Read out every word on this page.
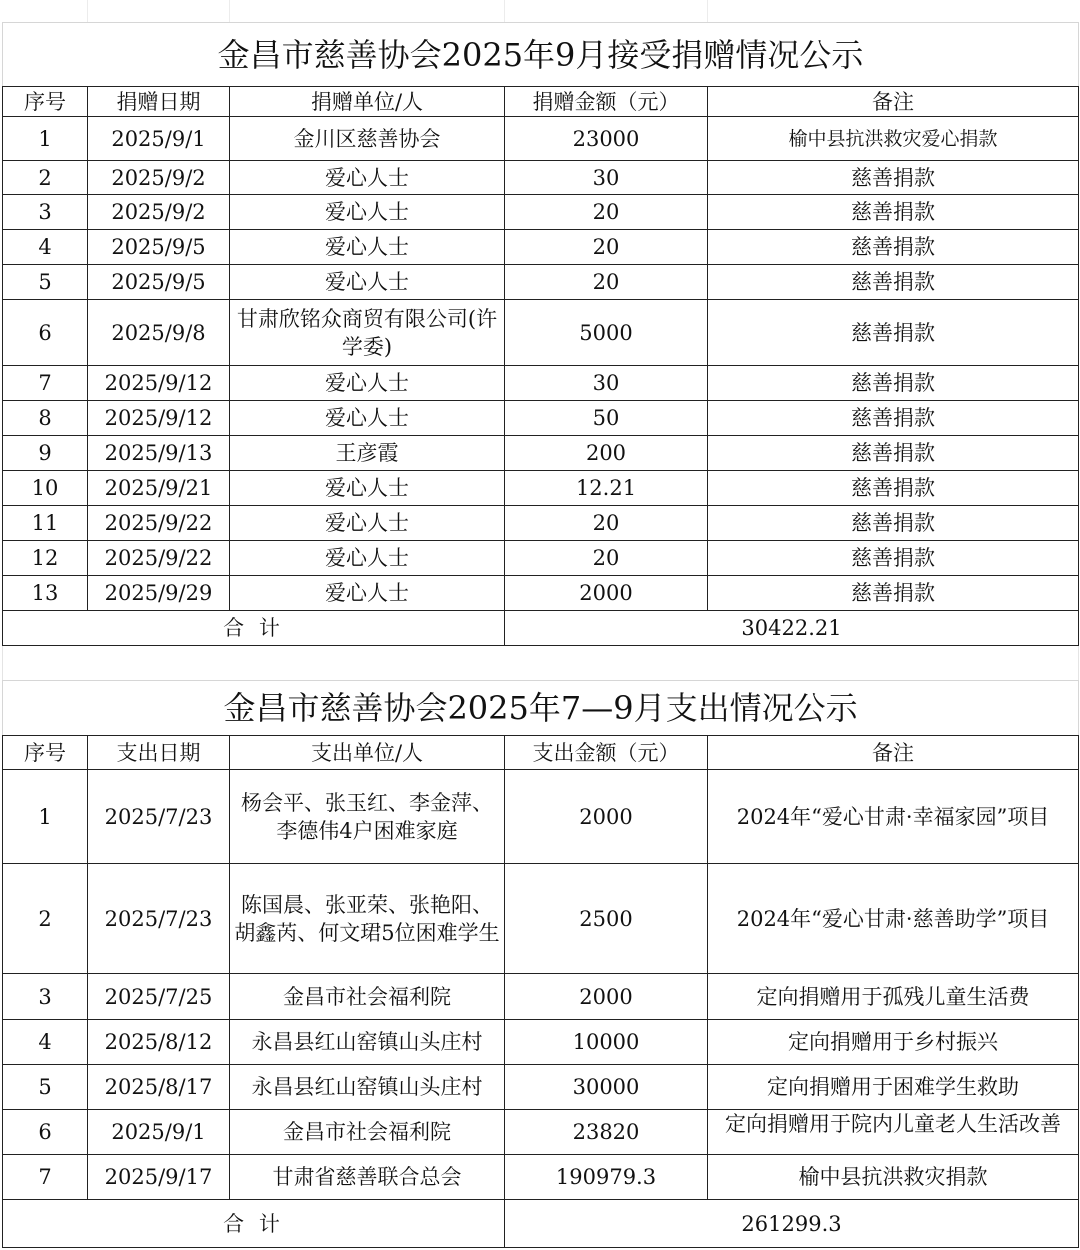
金昌市慈善协会2025年9月接受捐赠情况公示				
序号	捐赠日期	捐赠单位/人	捐赠金额（元）	备注
1	2025/9/1	金川区慈善协会	23000	榆中县抗洪救灾爱心捐款
2	2025/9/2	爱心人士	30	慈善捐款
3	2025/9/2	爱心人士	20	慈善捐款
4	2025/9/5	爱心人士	20	慈善捐款
5	2025/9/5	爱心人士	20	慈善捐款
6	2025/9/8	甘肃欣铭众商贸有限公司(许学委)	5000	慈善捐款
7	2025/9/12	爱心人士	30	慈善捐款
8	2025/9/12	爱心人士	50	慈善捐款
9	2025/9/13	王彦霞	200	慈善捐款
10	2025/9/21	爱心人士	12.21	慈善捐款
11	2025/9/22	爱心人士	20	慈善捐款
12	2025/9/22	爱心人士	20	慈善捐款
13	2025/9/29	爱心人士	2000	慈善捐款
合 计			30422.21	

金昌市慈善协会2025年7—9月支出情况公示				
序号	支出日期	支出单位/人	支出金额（元）	备注
1	2025/7/23	杨会平、张玉红、李金萍、李德伟4户困难家庭	2000	2024年“爱心甘肃·幸福家园”项目
2	2025/7/23	陈国晨、张亚荣、张艳阳、胡鑫芮、何文珺5位困难学生	2500	2024年“爱心甘肃·慈善助学”项目
3	2025/7/25	金昌市社会福利院	2000	定向捐赠用于孤残儿童生活费
4	2025/8/12	永昌县红山窑镇山头庄村	10000	定向捐赠用于乡村振兴
5	2025/8/17	永昌县红山窑镇山头庄村	30000	定向捐赠用于困难学生救助
6	2025/9/1	金昌市社会福利院	23820	定向捐赠用于院内儿童老人生活改善

7	2025/9/17	甘肃省慈善联合总会	190979.3	榆中县抗洪救灾捐款
合 计			261299.3	
